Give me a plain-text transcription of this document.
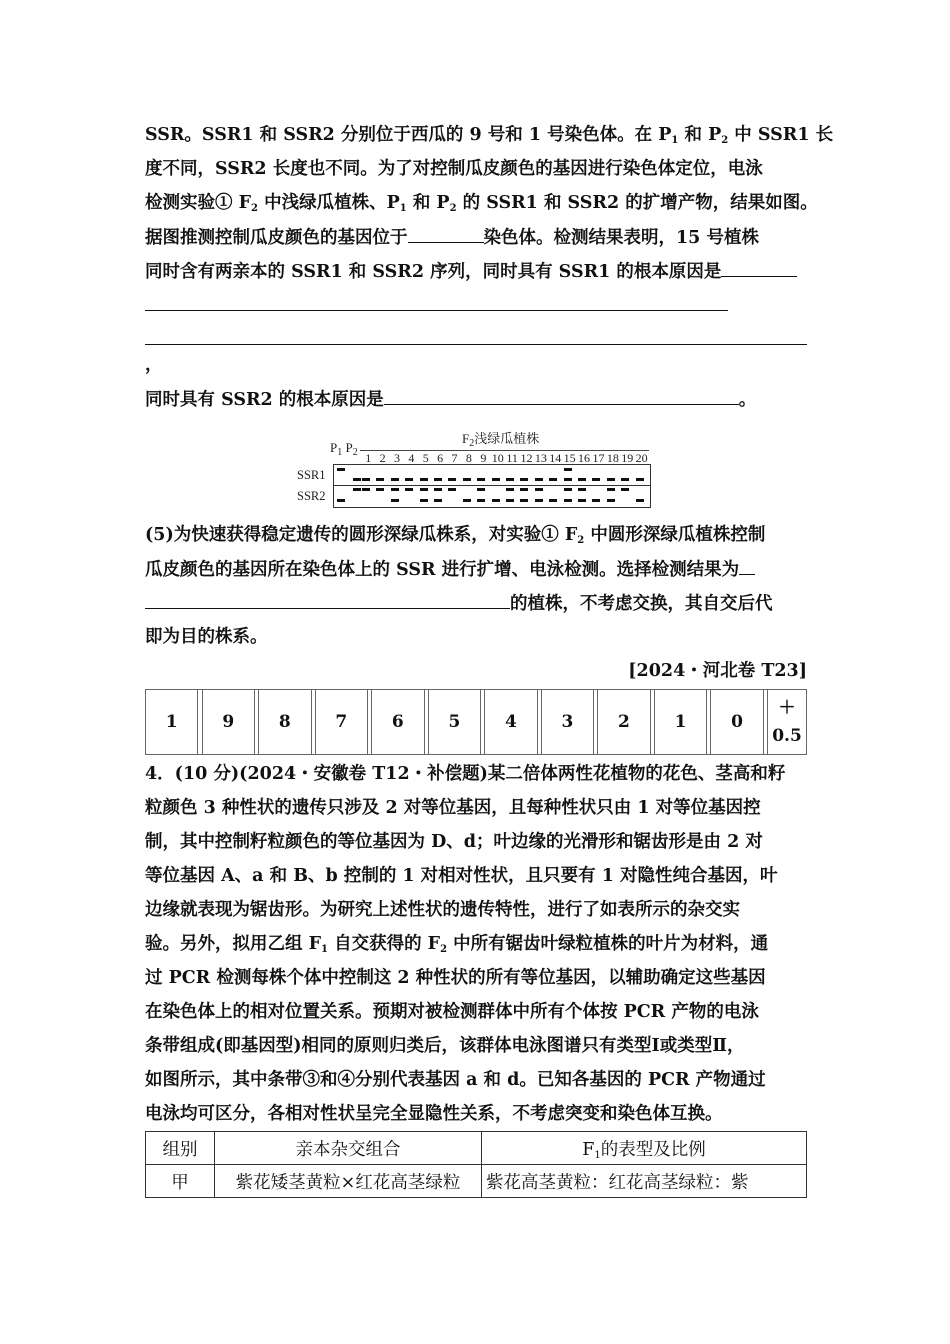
SSR。SSR1 和 SSR2 分别位于西瓜的 9 号和 1 号染色体。在 $P_1$ 和 $P_2$ 中 SSR1 长
度不同，SSR2 长度也不同。为了对控制瓜皮颜色的基因进行染色体定位，电泳
检测实验① $F_2$ 中浅绿瓜植株、$P_1$ 和 $P_2$ 的 SSR1 和 SSR2 的扩增产物，结果如图。
据图推测控制瓜皮颜色的基因位于	染色体。检测结果表明，15 号植株
同时含有两亲本的 SSR1 和 SSR2 序列，同时具有 SSR1 的根本原因是
，
同时具有 SSR2 的根本原因是	。

$F_2$浅绿瓜植株
$P_1$ $P_2$ 1 2 3 4 5 6 7 8 9 10 11 12 13 14 15 16 17 18 19 20
SSR1
SSR2

(5)为快速获得稳定遗传的圆形深绿瓜株系，对实验① $F_2$ 中圆形深绿瓜植株控制
瓜皮颜色的基因所在染色体上的 SSR 进行扩增、电泳检测。选择检测结果为
的植株，不考虑交换，其自交后代
即为目的株系。
[2024・河北卷 T23]

1		9		8		7		6		5		4		3		2		1		0		
＋
0.5

4．(10 分)(2024・安徽卷 T12・补偿题)某二倍体两性花植物的花色、茎高和籽
粒颜色 3 种性状的遗传只涉及 2 对等位基因，且每种性状只由 1 对等位基因控
制，其中控制籽粒颜色的等位基因为 D、d；叶边缘的光滑形和锯齿形是由 2 对
等位基因 A、a 和 B、b 控制的 1 对相对性状，且只要有 1 对隐性纯合基因，叶
边缘就表现为锯齿形。为研究上述性状的遗传特性，进行了如表所示的杂交实
验。另外，拟用乙组 $F_1$ 自交获得的 $F_2$ 中所有锯齿叶绿粒植株的叶片为材料，通
过 PCR 检测每株个体中控制这 2 种性状的所有等位基因，以辅助确定这些基因
在染色体上的相对位置关系。预期对被检测群体中所有个体按 PCR 产物的电泳
条带组成(即基因型)相同的原则归类后，该群体电泳图谱只有类型Ⅰ或类型Ⅱ，
如图所示，其中条带③和④分别代表基因 a 和 d。已知各基因的 PCR 产物通过
电泳均可区分，各相对性状呈完全显隐性关系，不考虑突变和染色体互换。

组别	亲本杂交组合	$F_1$的表型及比例
甲	紫花矮茎黄粒×红花高茎绿粒	紫花高茎黄粒：红花高茎绿粒：紫
